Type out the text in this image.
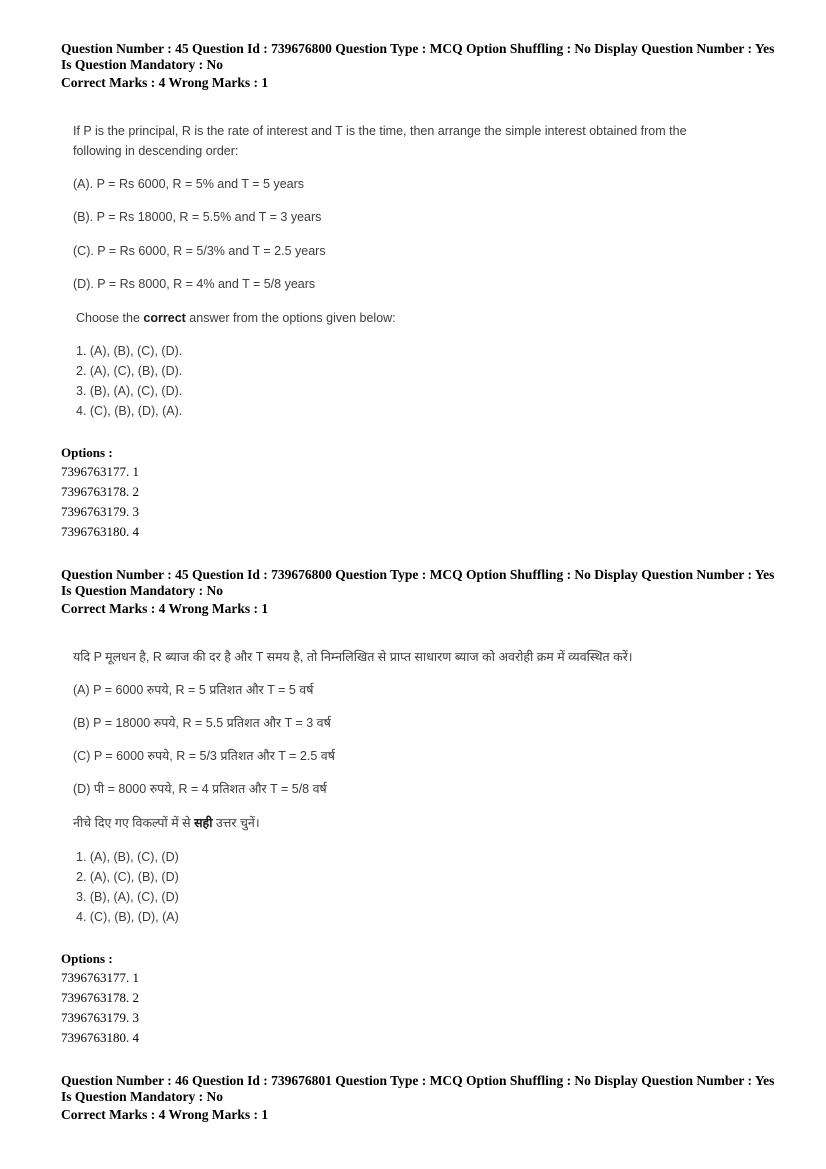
Question Number : 45 Question Id : 739676800 Question Type : MCQ Option Shuffling : No Display Question Number : Yes
Is Question Mandatory : No
Correct Marks : 4 Wrong Marks : 1
If P is the principal, R is the rate of interest and T is the time, then arrange the simple interest obtained from the
following in descending order:
(A). P = Rs 6000, R = 5% and T = 5 years
(B). P = Rs 18000, R = 5.5% and T = 3 years
(C). P = Rs 6000, R = 5/3% and T = 2.5 years
(D). P = Rs 8000, R = 4% and T = 5/8 years
Choose the correct answer from the options given below:
1. (A), (B), (C), (D).
2. (A), (C), (B), (D).
3. (B), (A), (C), (D).
4. (C), (B), (D), (A).
Options :
7396763177. 1
7396763178. 2
7396763179. 3
7396763180. 4
Question Number : 45 Question Id : 739676800 Question Type : MCQ Option Shuffling : No Display Question Number : Yes
Is Question Mandatory : No
Correct Marks : 4 Wrong Marks : 1
यदि P मूलधन है, R ब्याज की दर है और T समय है, तो निम्नलिखित से प्राप्त साधारण ब्याज को अवरोही क्रम में व्यवस्थित करें।
(A) P = 6000 रुपये, R = 5 प्रतिशत और T = 5 वर्ष
(B) P = 18000 रुपये, R = 5.5 प्रतिशत और T = 3 वर्ष
(C) P = 6000 रुपये, R = 5/3 प्रतिशत और T = 2.5 वर्ष
(D) पी = 8000 रुपये, R = 4 प्रतिशत और T = 5/8 वर्ष
नीचे दिए गए विकल्पों में से सही उत्तर चुनें।
1. (A), (B), (C), (D)
2. (A), (C), (B), (D)
3. (B), (A), (C), (D)
4. (C), (B), (D), (A)
Options :
7396763177. 1
7396763178. 2
7396763179. 3
7396763180. 4
Question Number : 46 Question Id : 739676801 Question Type : MCQ Option Shuffling : No Display Question Number : Yes
Is Question Mandatory : No
Correct Marks : 4 Wrong Marks : 1
